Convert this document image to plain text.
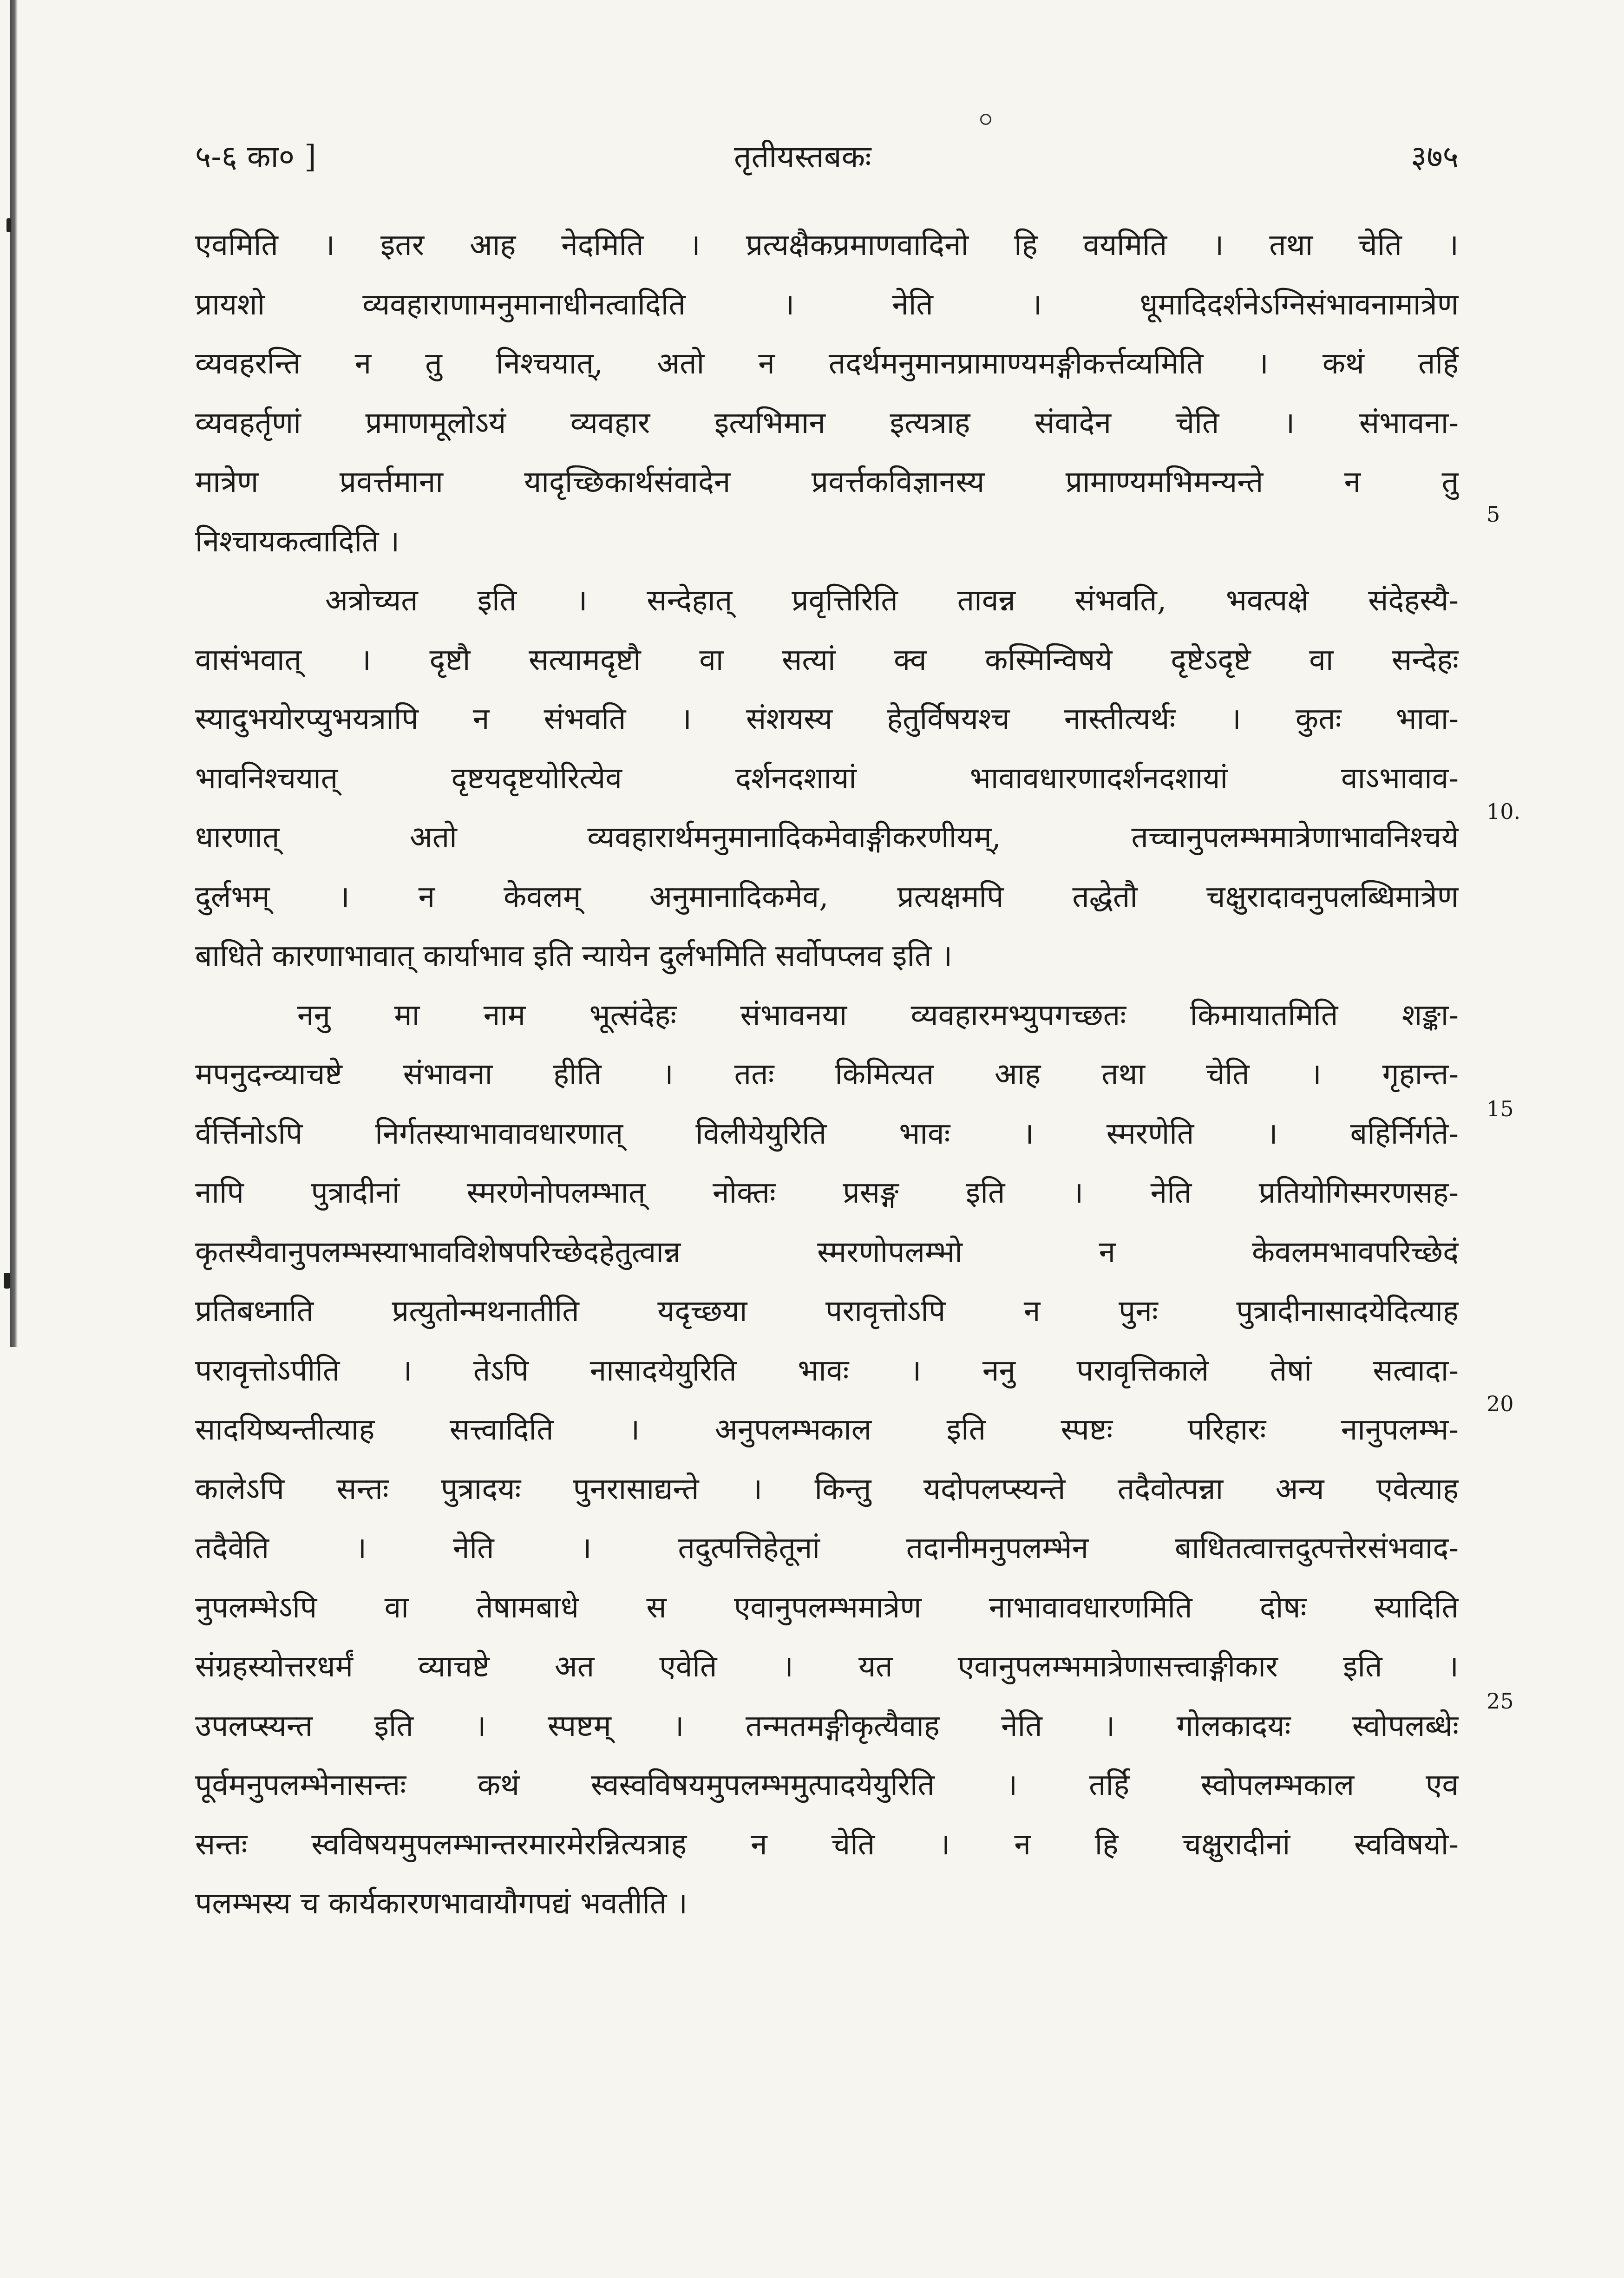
५-६ का० ]	तृतीयस्तबकः	३७५
एवमिति । इतर आह नेदमिति । प्रत्यक्षैकप्रमाणवादिनो हि वयमिति । तथा चेति ।
प्रायशो व्यवहाराणामनुमानाधीनत्वादिति । नेति । धूमादिदर्शनेऽग्निसंभावनामात्रेण
व्यवहरन्ति न तु निश्चयात्, अतो न तदर्थमनुमानप्रामाण्यमङ्गीकर्त्तव्यमिति । कथं तर्हि
व्यवहर्तृणां प्रमाणमूलोऽयं व्यवहार इत्यभिमान इत्यत्राह संवादेन चेति । संभावना-
मात्रेण प्रवर्त्तमाना यादृच्छिकार्थसंवादेन प्रवर्त्तकविज्ञानस्य प्रामाण्यमभिमन्यन्ते न तु
निश्चायकत्वादिति ।
अत्रोच्यत इति । सन्देहात् प्रवृत्तिरिति तावन्न संभवति, भवत्पक्षे संदेहस्यै-
वासंभवात् । दृष्टौ सत्यामदृष्टौ वा सत्यां क्व कस्मिन्विषये दृष्टेऽदृष्टे वा सन्देहः
स्यादुभयोरप्युभयत्रापि न संभवति । संशयस्य हेतुर्विषयश्च नास्तीत्यर्थः । कुतः भावा-
भावनिश्चयात् दृष्टयदृष्टयोरित्येव दर्शनदशायां भावावधारणादर्शनदशायां वाऽभावाव-
धारणात् अतो व्यवहारार्थमनुमानादिकमेवाङ्गीकरणीयम्, तच्चानुपलम्भमात्रेणाभावनिश्चये
दुर्लभम् । न केवलम् अनुमानादिकमेव, प्रत्यक्षमपि तद्धेतौ चक्षुरादावनुपलब्धिमात्रेण
बाधिते कारणाभावात् कार्याभाव इति न्यायेन दुर्लभमिति सर्वोपप्लव इति ।
ननु मा नाम भूत्संदेहः संभावनया व्यवहारमभ्युपगच्छतः किमायातमिति शङ्का-
मपनुदन्व्याचष्टे संभावना हीति । ततः किमित्यत आह तथा चेति । गृहान्त-
र्वर्त्तिनोऽपि निर्गतस्याभावावधारणात् विलीयेयुरिति भावः । स्मरणेति । बहिर्निर्गते-
नापि पुत्रादीनां स्मरणेनोपलम्भात् नोक्तः प्रसङ्ग इति । नेति प्रतियोगिस्मरणसह-
कृतस्यैवानुपलम्भस्याभावविशेषपरिच्छेदहेतुत्वान्न स्मरणोपलम्भो न केवलमभावपरिच्छेदं
प्रतिबध्नाति प्रत्युतोन्मथनातीति यदृच्छया परावृत्तोऽपि न पुनः पुत्रादीनासादयेदित्याह
परावृत्तोऽपीति । तेऽपि नासादयेयुरिति भावः । ननु परावृत्तिकाले तेषां सत्वादा-
सादयिष्यन्तीत्याह सत्त्वादिति । अनुपलम्भकाल इति स्पष्टः परिहारः नानुपलम्भ-
कालेऽपि सन्तः पुत्रादयः पुनरासाद्यन्ते । किन्तु यदोपलप्स्यन्ते तदैवोत्पन्ना अन्य एवेत्याह
तदैवेति । नेति । तदुत्पत्तिहेतूनां तदानीमनुपलम्भेन बाधितत्वात्तदुत्पत्तेरसंभवाद-
नुपलम्भेऽपि वा तेषामबाधे स एवानुपलम्भमात्रेण नाभावावधारणमिति दोषः स्यादिति
संग्रहस्योत्तरधर्मं व्याचष्टे अत एवेति । यत एवानुपलम्भमात्रेणासत्त्वाङ्गीकार इति ।
उपलप्स्यन्त इति । स्पष्टम् । तन्मतमङ्गीकृत्यैवाह नेति । गोलकादयः स्वोपलब्धेः
पूर्वमनुपलम्भेनासन्तः कथं स्वस्वविषयमुपलम्भमुत्पादयेयुरिति । तर्हि स्वोपलम्भकाल एव
सन्तः स्वविषयमुपलम्भान्तरमारमेरन्नित्यत्राह न चेति । न हि चक्षुरादीनां स्वविषयो-
पलम्भस्य च कार्यकारणभावायौगपद्यं भवतीति ।
5
10.
15
20
25
